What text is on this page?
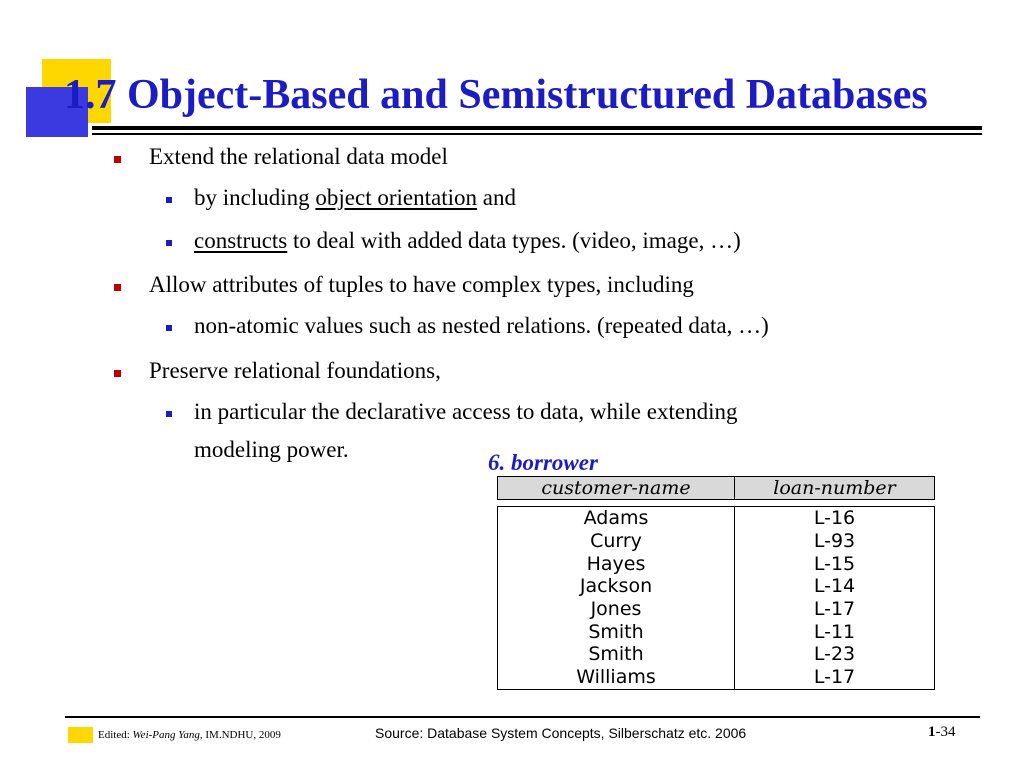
1.7 Object-Based and Semistructured Databases
Extend the relational data model
by including object orientation and
constructs to deal with added data types. (video, image, …)
Allow attributes of tuples to have complex types, including
non-atomic values such as nested relations. (repeated data, …)
Preserve relational foundations,
in particular the declarative access to data, while extending
modeling power.

6. borrower

customer-name	loan-number

Adams	L-16
Curry	L-93
Hayes	L-15
Jackson	L-14
Jones	L-17
Smith	L-11
Smith	L-23
Williams	L-17
Edited: Wei-Pang Yang, IM.NDHU, 2009	Source: Database System Concepts, Silberschatz etc. 2006	1-34
